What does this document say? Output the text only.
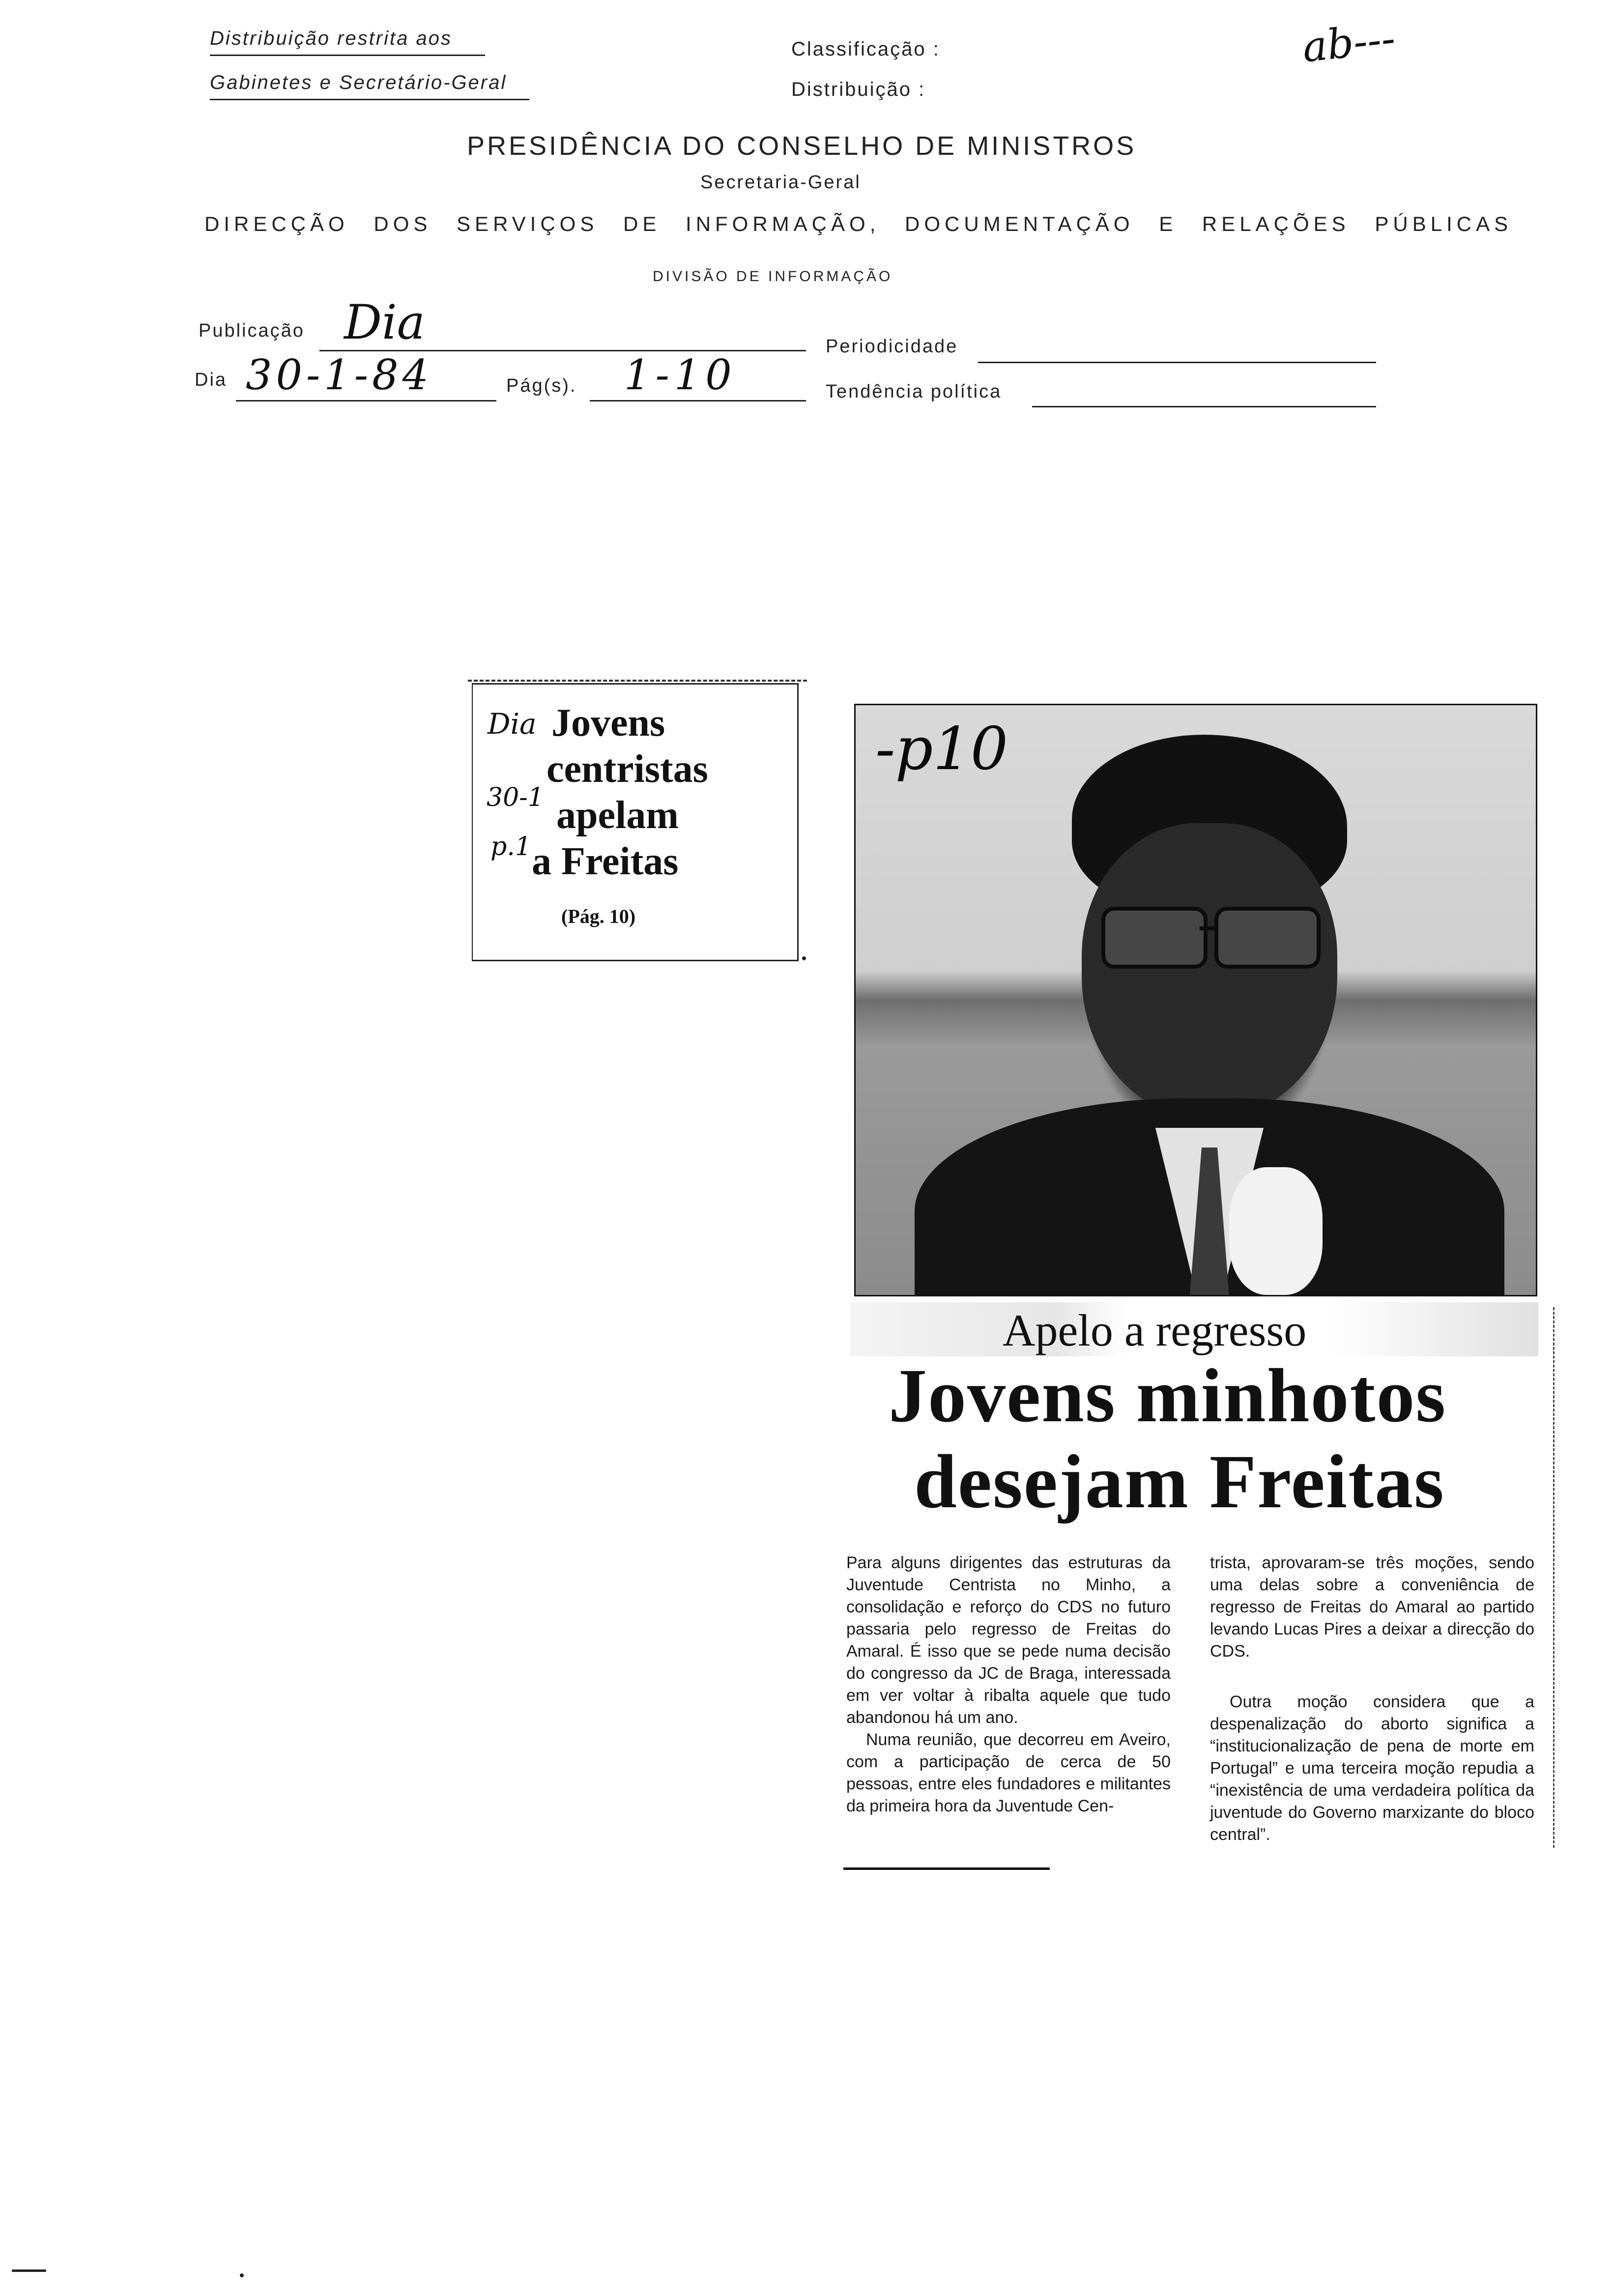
Distribuição restrita aos
Gabinetes e Secretário-Geral
Classificação :
Distribuição :
ab---
PRESIDÊNCIA DO CONSELHO DE MINISTROS
Secretaria-Geral
DIRECÇÃO DOS SERVIÇOS DE INFORMAÇÃO, DOCUMENTAÇÃO E RELAÇÕES PÚBLICAS
DIVISÃO DE INFORMAÇÃO
Publicação Dia	Periodicidade
Dia 30-1-84	Pág(s). 1-10	Tendência política
Dia
30-1
p.1
Jovens
centristas
apelam
a Freitas
(Pág. 10)
-p10
Apelo a regresso
Jovens minhotos
desejam Freitas

Para alguns dirigentes das estruturas da Juventude Centrista no Minho, a consolidação e reforço do CDS no futuro passaria pelo regresso de Freitas do Amaral. É isso que se pede numa decisão do congresso da JC de Braga, interessada em ver voltar à ribalta aquele que tudo abandonou há um ano.

Numa reunião, que decorreu em Aveiro, com a participação de cerca de 50 pessoas, entre eles fundadores e militantes da primeira hora da Juventude Cen-

trista, aprovaram-se três moções, sendo uma delas sobre a conveniência de regresso de Freitas do Amaral ao partido levando Lucas Pires a deixar a direcção do CDS.

Outra moção considera que a despenalização do aborto significa a “institucionalização de pena de morte em Portugal” e uma terceira moção repudia a “inexistência de uma verdadeira política da juventude do Governo marxizante do bloco central”.
